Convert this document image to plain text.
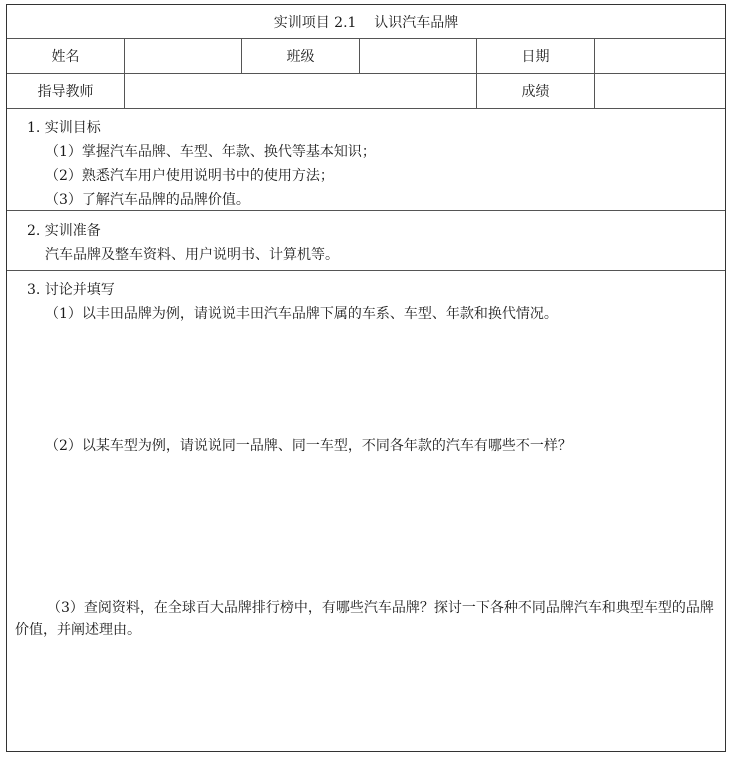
实训项目 2.1    认识汽车品牌
姓名	班级	日期
指导教师	成绩
1. 实训目标
（1）掌握汽车品牌、车型、年款、换代等基本知识；
（2）熟悉汽车用户使用说明书中的使用方法；
（3）了解汽车品牌的品牌价值。
2. 实训准备
汽车品牌及整车资料、用户说明书、计算机等。
3. 讨论并填写
（1）以丰田品牌为例，请说说丰田汽车品牌下属的车系、车型、年款和换代情况。
（2）以某车型为例，请说说同一品牌、同一车型，不同各年款的汽车有哪些不一样？
（3）查阅资料，在全球百大品牌排行榜中，有哪些汽车品牌？探讨一下各种不同品牌汽车和典型车型的品牌价值，并阐述理由。
